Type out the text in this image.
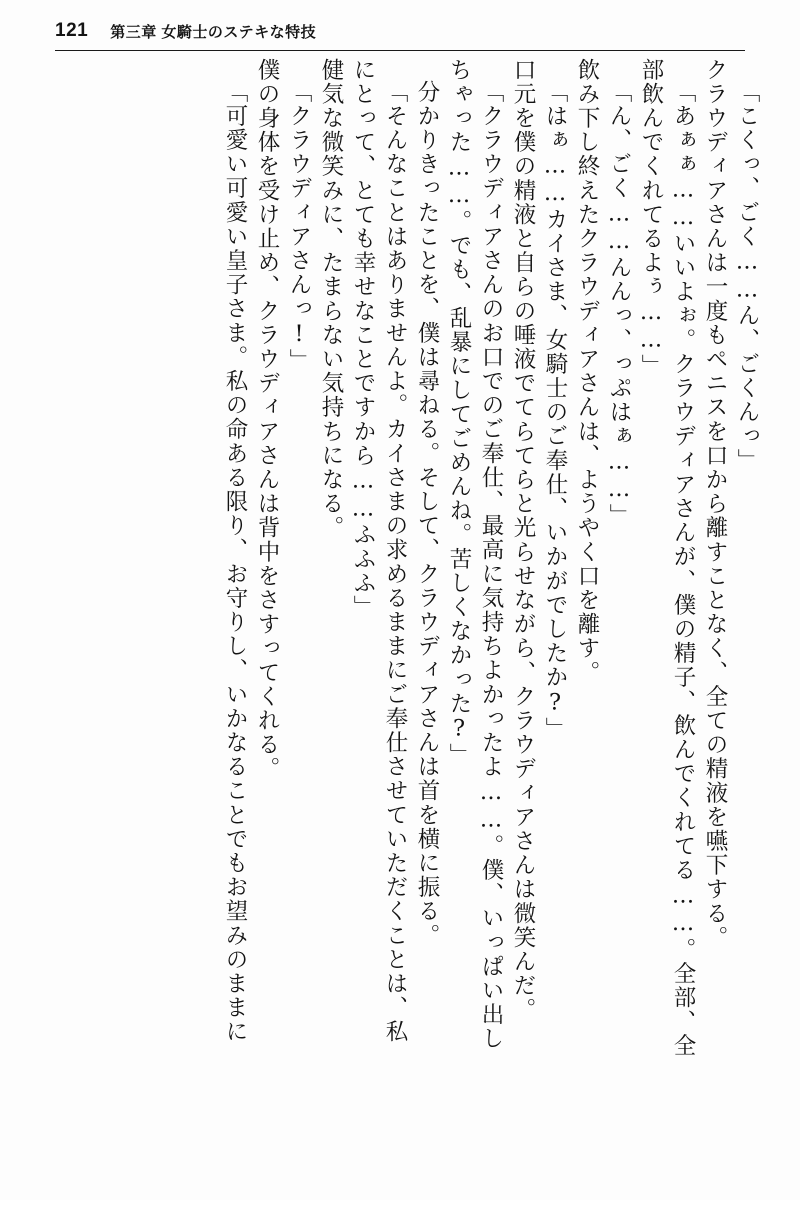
121 第三章 女騎士のステキな特技
「こくっ、ごく……ん、ごくんっ」
クラウディアさんは一度もペニスを口から離すことなく、全ての精液を嚥下する。
「あぁぁ……いいよぉ。クラウディアさんが、僕の精子、飲んでくれてる……。全部、全
部飲んでくれてるよぅ……」
「ん、ごく……んんっ、っぷはぁ……」
飲み下し終えたクラウディアさんは、ようやく口を離す。
「はぁ……カイさま、女騎士のご奉仕、いかがでしたか?」
口元を僕の精液と自らの唾液でてらてらと光らせながら、クラウディアさんは微笑んだ。
「クラウディアさんのお口でのご奉仕、最高に気持ちよかったよ……。僕、いっぱい出し
ちゃった……。でも、乱暴にしてごめんね。苦しくなかった?」
分かりきったことを、僕は尋ねる。そして、クラウディアさんは首を横に振る。
「そんなことはありませんよ。カイさまの求めるままにご奉仕させていただくことは、私
にとって、とても幸せなことですから……ふふふ」
健気な微笑みに、たまらない気持ちになる。
「クラウディアさんっ!」
僕の身体を受け止め、クラウディアさんは背中をさすってくれる。
「可愛い可愛い皇子さま。私の命ある限り、お守りし、いかなることでもお望みのままに
